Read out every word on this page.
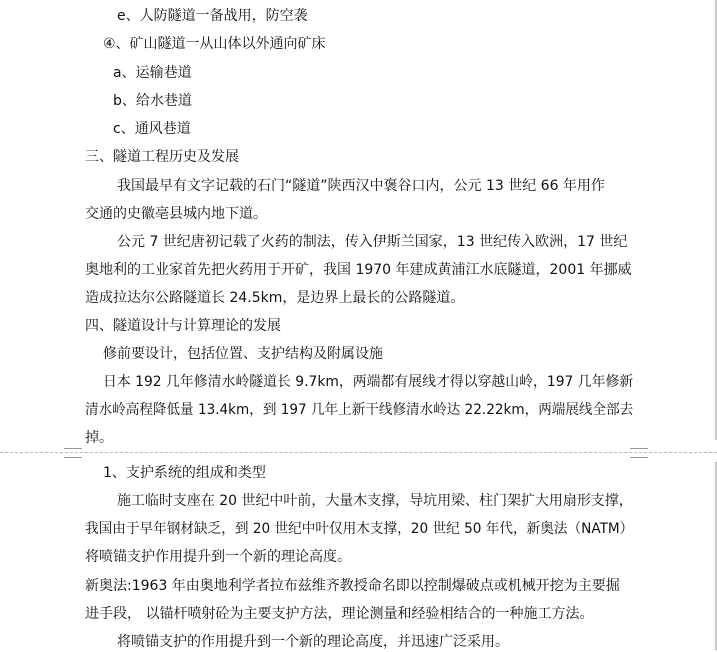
e、人防隧道一备战用，防空袭
④、矿山隧道一从山体以外通向矿床
a、运输巷道
b、给水巷道
c、通风巷道
三、隧道工程历史及发展
我国最早有文字记载的石门“隧道”陕西汉中褒谷口内，公元 13 世纪 66 年用作
交通的史徽亳县城内地下道。
公元 7 世纪唐初记载了火药的制法，传入伊斯兰国家，13 世纪传入欧洲，17 世纪
奥地利的工业家首先把火药用于开矿，我国 1970 年建成黄浦江水底隧道，2001 年挪威
造成拉达尔公路隧道长 24.5km，是边界上最长的公路隧道。
四、隧道设计与计算理论的发展
修前要设计，包括位置、支护结构及附属设施
日本 192 几年修清水岭隧道长 9.7km，两端都有展线才得以穿越山岭，197 几年修新
清水岭高程降低量 13.4km，到 197 几年上新干线修清水岭达 22.22km，两端展线全部去
掉。
1、支护系统的组成和类型
施工临时支座在 20 世纪中叶前，大量木支撑，导坑用梁、柱门架扩大用扇形支撑，
我国由于早年钢材缺乏，到 20 世纪中叶仅用木支撑，20 世纪 50 年代，新奥法（NATM）
将喷锚支护作用提升到一个新的理论高度。
新奥法:1963 年由奥地利学者拉布兹维齐教授命名即以控制爆破点或机械开挖为主要掘
进手段， 以锚杆喷射砼为主要支护方法，理论测量和经验相结合的一种施工方法。
将喷锚支护的作用提升到一个新的理论高度，并迅速广泛采用。
